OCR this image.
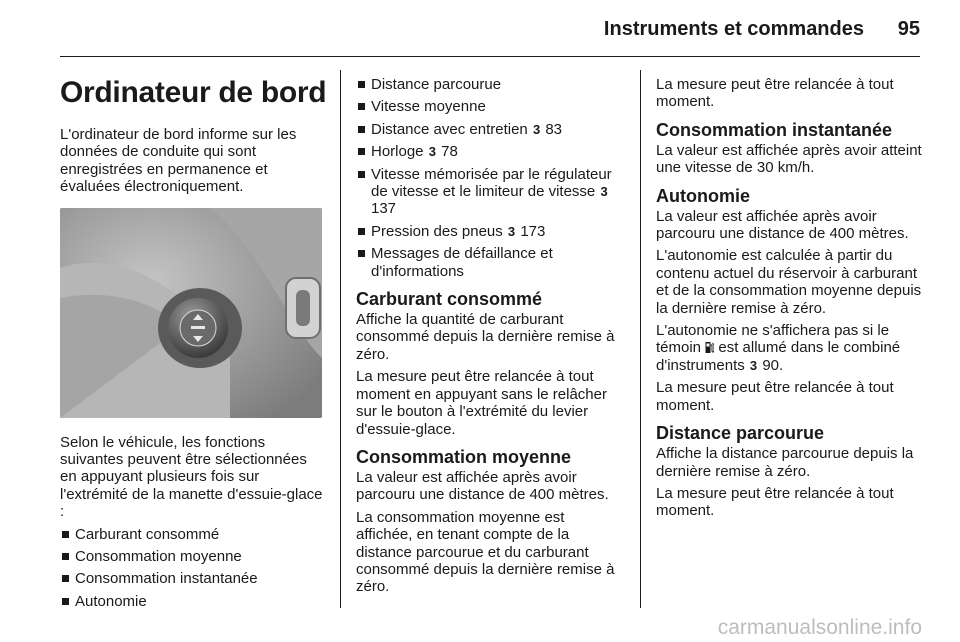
Instruments et commandes 95
Ordinateur de bord

L'ordinateur de bord informe sur les données de conduite qui sont enregistrées en permanence et évaluées électroniquement.

Selon le véhicule, les fonctions suivantes peuvent être sélectionnées en appuyant plusieurs fois sur l'extrémité de la manette d'essuie-glace :

Carburant consommé
Consommation moyenne
Consommation instantanée
Autonomie
Distance parcourue
Vitesse moyenne
Distance avec entretien 3 83
Horloge 3 78
Vitesse mémorisée par le régulateur de vitesse et le limiteur de vitesse 3 137
Pression des pneus 3 173
Messages de défaillance et d'informations
Carburant consommé

Affiche la quantité de carburant consommé depuis la dernière remise à zéro.

La mesure peut être relancée à tout moment en appuyant sans le relâcher sur le bouton à l'extrémité du levier d'essuie-glace.

Consommation moyenne

La valeur est affichée après avoir parcouru une distance de 400 mètres.

La consommation moyenne est affichée, en tenant compte de la distance parcourue et du carburant consommé depuis la dernière remise à zéro.

La mesure peut être relancée à tout moment.

Consommation instantanée

La valeur est affichée après avoir atteint une vitesse de 30 km/h.

Autonomie

La valeur est affichée après avoir parcouru une distance de 400 mètres.

L'autonomie est calculée à partir du contenu actuel du réservoir à carburant et de la consommation moyenne depuis la dernière remise à zéro.

L'autonomie ne s'affichera pas si le témoin est allumé dans le combiné d'instruments 3 90.

La mesure peut être relancée à tout moment.

Distance parcourue

Affiche la distance parcourue depuis la dernière remise à zéro.

La mesure peut être relancée à tout moment.

carmanualsonline.info
